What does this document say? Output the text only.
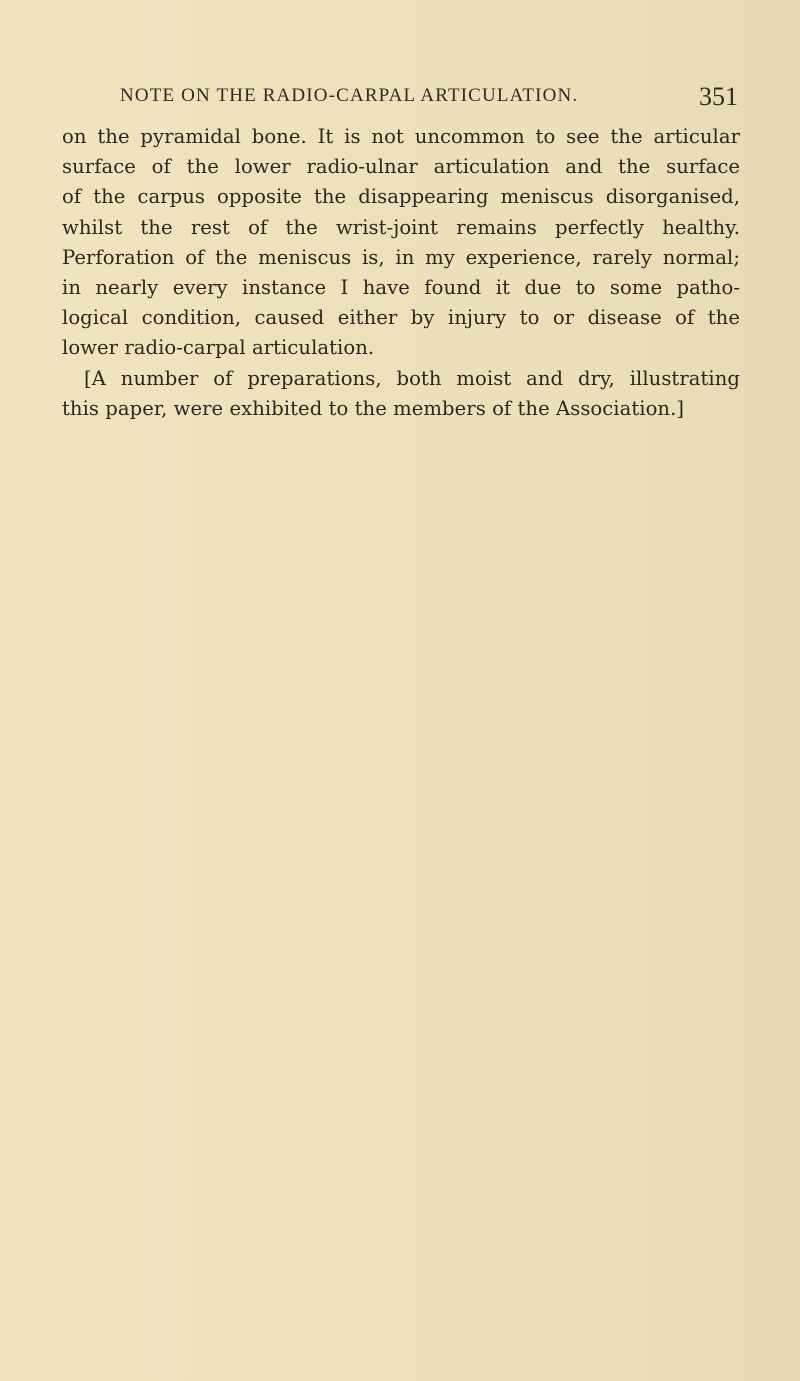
NOTE ON THE RADIO-CARPAL ARTICULATION.	351
on the pyramidal bone. It is not uncommon to see the articular
surface of the lower radio-ulnar articulation and the surface
of the carpus opposite the disappearing meniscus disorganised,
whilst the rest of the wrist-joint remains perfectly healthy.
Perforation of the meniscus is, in my experience, rarely normal;
in nearly every instance I have found it due to some patho-
logical condition, caused either by injury to or disease of the
lower radio-carpal articulation.
[A number of preparations, both moist and dry, illustrating
this paper, were exhibited to the members of the Association.]
